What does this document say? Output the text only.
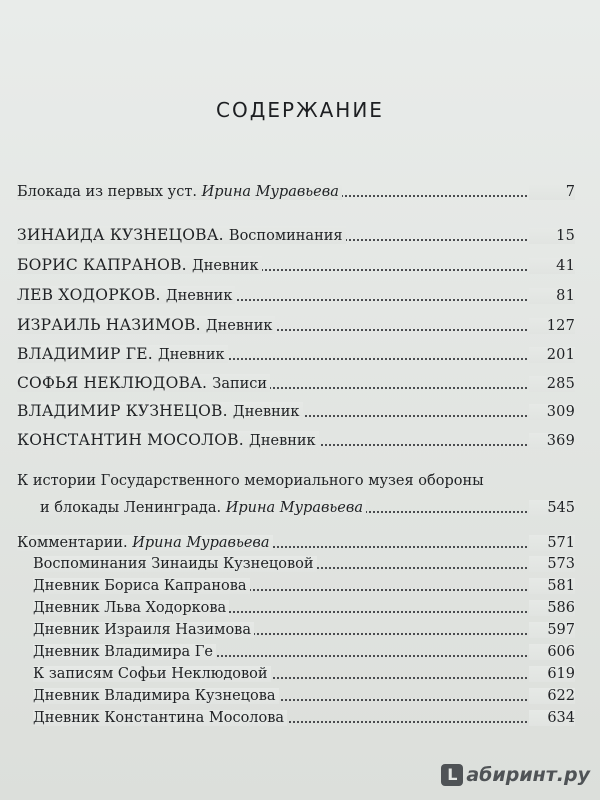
СОДЕРЖАНИЕ
Блокада из первых уст. Ирина Муравьева	7
ЗИНАИДА КУЗНЕЦОВА. Воспоминания	15
БОРИС КАПРАНОВ. Дневник	41
ЛЕВ ХОДОРКОВ. Дневник	81
ИЗРАИЛЬ НАЗИМОВ. Дневник	127
ВЛАДИМИР ГЕ. Дневник	201
СОФЬЯ НЕКЛЮДОВА. Записи	285
ВЛАДИМИР КУЗНЕЦОВ. Дневник	309
КОНСТАНТИН МОСОЛОВ. Дневник	369
К истории Государственного мемориального музея обороны
и блокады Ленинграда. Ирина Муравьева	545
Комментарии. Ирина Муравьева	571
Воспоминания Зинаиды Кузнецовой	573
Дневник Бориса Капранова	581
Дневник Льва Ходоркова	586
Дневник Израиля Назимова	597
Дневник Владимира Ге	606
К записям Софьи Неклюдовой	619
Дневник Владимира Кузнецова	622
Дневник Константина Мосолова	634
L абиринт.ру
